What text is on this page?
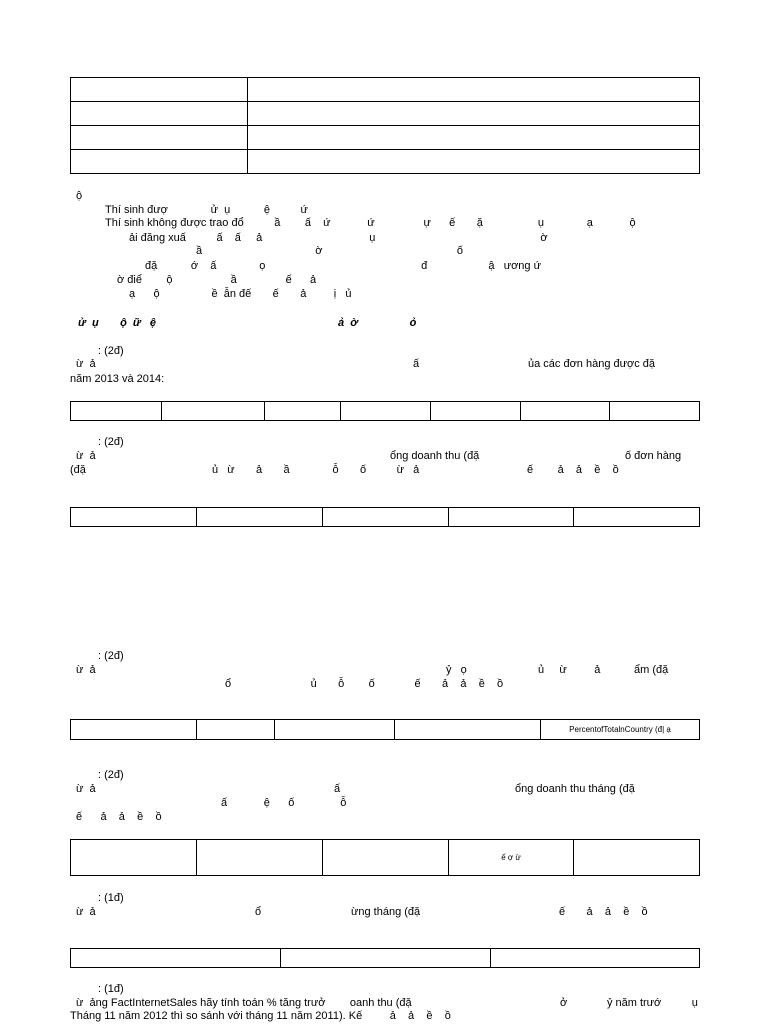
ộ
Thí sinh đượ              ử  ụ           ệ          ứ
Thí sinh không được trao đổ          ầ        ấ    ứ            ứ                ự      ế       ặ                  ụ              ạ            ộ
ải đăng xuấ          ấ    ấ     ả                                   ụ                                                      ờ
ầ                                     ờ                                            ố
đặ           ớ    ấ              ọ                                                   đ                    ậ   ương ứ
ờ điể        ộ                   ầ                ế      ả
ạ      ộ                 ề  ẫn đế       ế       ả         ị   ủ
ử  ụ       ộ  ữ   ệ	ả  ờ                 ỏ
: (2đ)
ừ  ả	ấ	ủa các đơn hàng được đặ
năm 2013 và 2014:

: (2đ)
ừ  ả	ổng doanh thu (đặ	ố đơn hàng
(đặ	ủ   ừ       ả       ầ              ỗ       ố          ừ   ả	ế        ả    ả    ề    ồ

: (2đ)
ừ  ả	ỷ   ọ	ủ     ừ         ả           ẩm (đặ
ổ                          ủ       ỗ        ố             ế       ả    ả    ề    ồ
				PercentofTotalnCountry (đ| ạ
: (2đ)
ừ  ả	ấ	ổng doanh thu tháng (đặ
ấ            ệ      ố               ỗ
ế      ả    ả    ề    ồ
			ế ợ ừ	
: (1đ)
ừ  ả	ổ	ừng tháng (đặ	ế       ả    ả    ề    ồ

: (1đ)
ừ  ảng FactInternetSales hãy tính toán % tăng trưở        oanh thu (đặ	ở             ỷ năm trướ          ụ
Tháng 11 năm 2012 thì so sánh với tháng 11 năm 2011). Kế         ả    ả    ề    ồ
